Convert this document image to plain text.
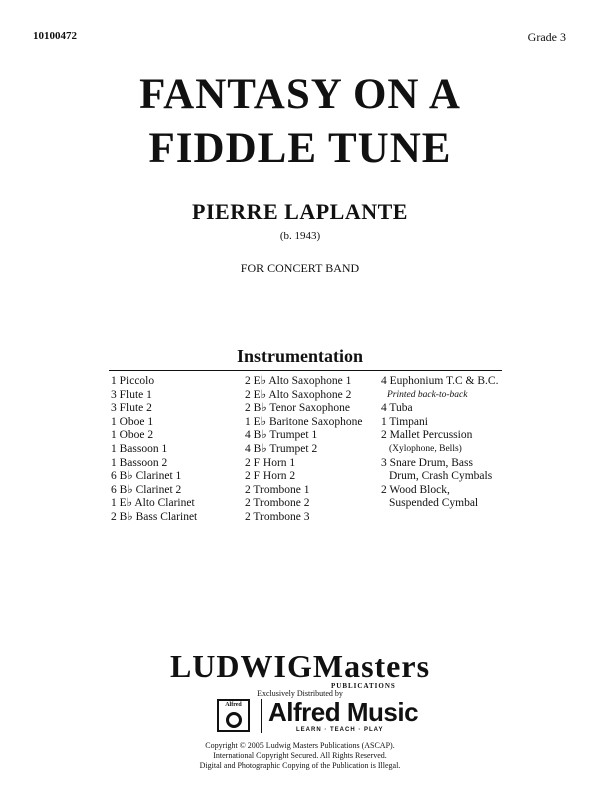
10100472	Grade 3
FANTASY ON A
FIDDLE TUNE
PIERRE LAPLANTE
(b. 1943)
FOR CONCERT BAND
Instrumentation
1 Piccolo
3 Flute 1
3 Flute 2
1 Oboe 1
1 Oboe 2
1 Bassoon 1
1 Bassoon 2
6 B♭ Clarinet 1
6 B♭ Clarinet 2
1 E♭ Alto Clarinet
2 B♭ Bass Clarinet
2 E♭ Alto Saxophone 1
2 E♭ Alto Saxophone 2
2 B♭ Tenor Saxophone
1 E♭ Baritone Saxophone
4 B♭ Trumpet 1
4 B♭ Trumpet 2
2 F Horn 1
2 F Horn 2
2 Trombone 1
2 Trombone 2
2 Trombone 3
4 Euphonium T.C & B.C.
Printed back-to-back
4 Tuba
1 Timpani
2 Mallet Percussion
(Xylophone, Bells)
3 Snare Drum, Bass
Drum, Crash Cymbals
2 Wood Block,
Suspended Cymbal
LUDWIGMasters
PUBLICATIONS
Exclusively Distributed by
Alfred Alfred Music
LEARN · TEACH · PLAY
Copyright © 2005 Ludwig Masters Publications (ASCAP).
International Copyright Secured. All Rights Reserved.
Digital and Photographic Copying of the Publication is Illegal.
